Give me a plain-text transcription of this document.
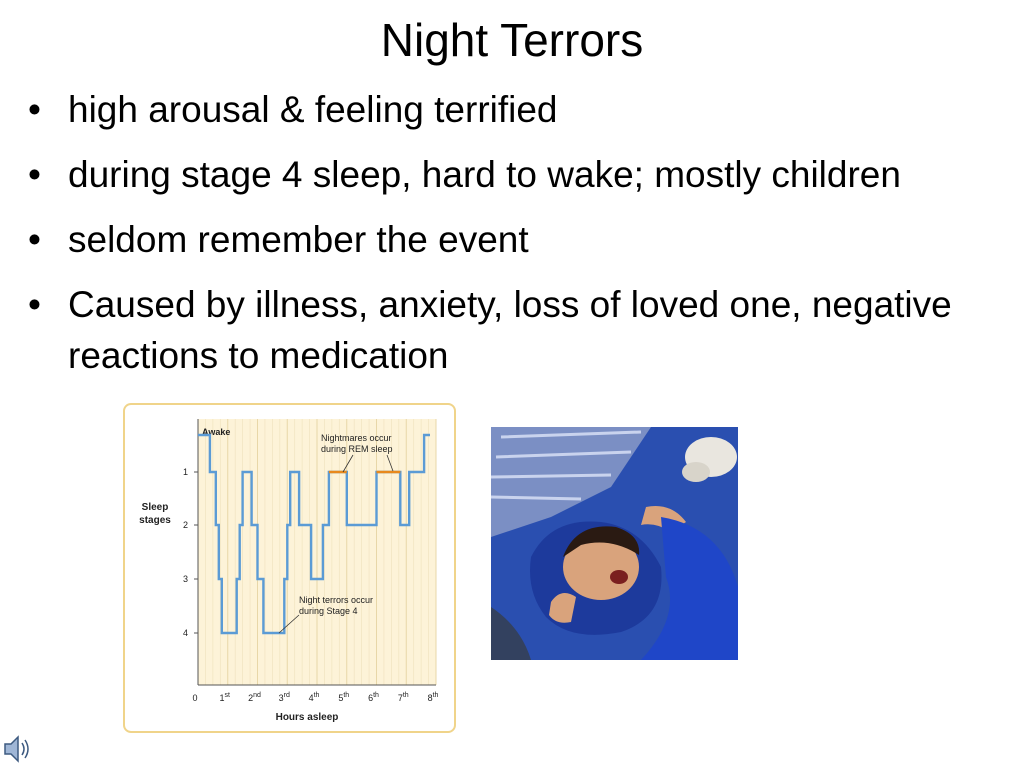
Night Terrors
• high arousal & feeling terrified
• during stage 4 sleep, hard to wake; mostly children
• seldom remember the event
• Caused by illness, anxiety, loss of loved one, negative reactions to medication
Awake
1
2
3
4
Sleep
stages
0 1st 2nd 3rd 4th 5th 6th 7th 8th
Hours asleep
Nightmares occur
during REM sleep
Night terrors occur
during Stage 4
